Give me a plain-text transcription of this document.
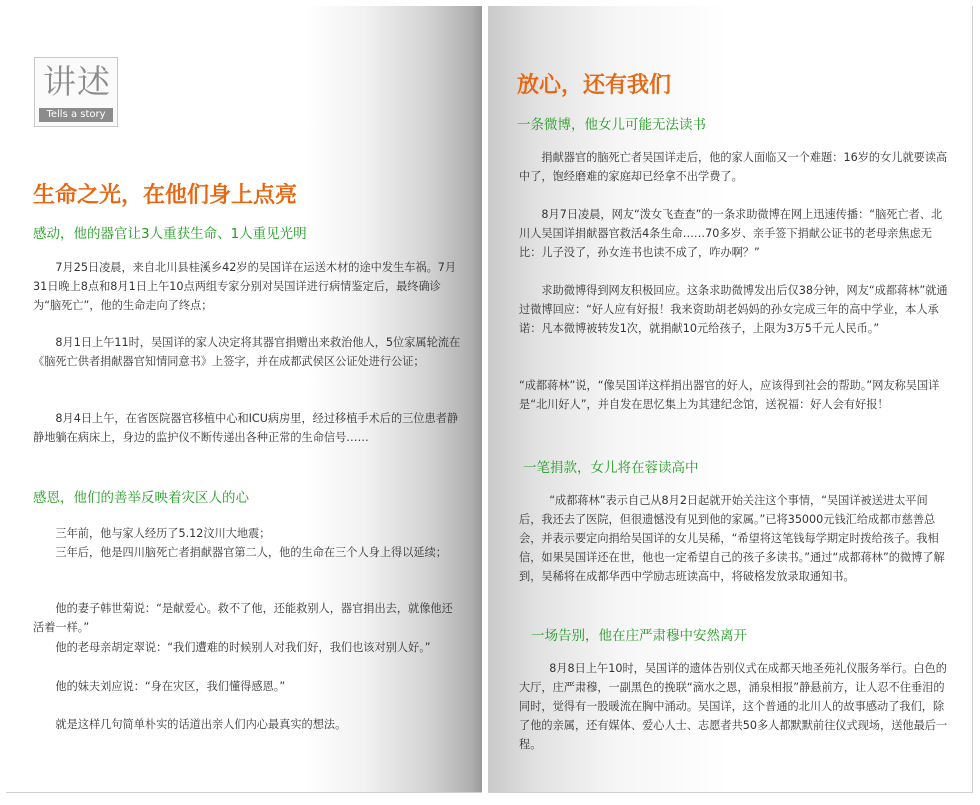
讲述
Tells a story
生命之光，在他们身上点亮
感动，他的器官让3人重获生命、1人重见光明

7月25日凌晨，来自北川县桂溪乡42岁的吴国详在运送木材的途中发生车祸。7月31日晚上8点和8月1日上午10点两组专家分别对吴国详进行病情鉴定后，最终确诊为“脑死亡”，他的生命走向了终点；

8月1日上午11时，吴国详的家人决定将其器官捐赠出来救治他人，5位家属轮流在《脑死亡供者捐献器官知情同意书》上签字，并在成都武侯区公证处进行公证；

8月4日上午，在省医院器官移植中心和ICU病房里，经过移植手术后的三位患者静静地躺在病床上，身边的监护仪不断传递出各种正常的生命信号……

感恩，他们的善举反映着灾区人的心

三年前，他与家人经历了5.12汶川大地震；

三年后，他是四川脑死亡者捐献器官第二人，他的生命在三个人身上得以延续；

他的妻子韩世菊说：“是献爱心。救不了他，还能救别人，器官捐出去，就像他还活着一样。”

他的老母亲胡定翠说：“我们遭难的时候别人对我们好，我们也该对别人好。”

他的妹夫刘应说：“身在灾区，我们懂得感恩。”

就是这样几句简单朴实的话道出亲人们内心最真实的想法。

放心，还有我们
一条微博，他女儿可能无法读书

捐献器官的脑死亡者吴国详走后，他的家人面临又一个难题：16岁的女儿就要读高中了，饱经磨难的家庭却已经拿不出学费了。

8月7日凌晨，网友“泼女飞查查”的一条求助微博在网上迅速传播：“脑死亡者、北川人吴国详捐献器官救活4条生命……70多岁、亲手签下捐献公证书的老母亲焦虑无比：儿子没了，孙女连书也读不成了，咋办啊？”

求助微博得到网友积极回应。这条求助微博发出后仅38分钟，网友“成都蒋林”就通过微博回应：“好人应有好报！我来资助胡老妈妈的孙女完成三年的高中学业，本人承诺：凡本微博被转发1次，就捐献10元给孩子，上限为3万5千元人民币。”

“成都蒋林”说，“像吴国详这样捐出器官的好人，应该得到社会的帮助。”网友称吴国详是“北川好人”，并自发在思忆集上为其建纪念馆，送祝福：好人会有好报！

一笔捐款，女儿将在蓉读高中

“成都蒋林”表示自己从8月2日起就开始关注这个事情，“吴国详被送进太平间后，我还去了医院，但很遗憾没有见到他的家属。”已将35000元钱汇给成都市慈善总会，并表示要定向捐给吴国详的女儿吴稀，“希望将这笔钱每学期定时拨给孩子。我相信，如果吴国详还在世，他也一定希望自己的孩子多读书。”通过“成都蒋林”的微博了解到，吴稀将在成都华西中学励志班读高中，将破格发放录取通知书。

一场告别，他在庄严肃穆中安然离开

8月8日上午10时，吴国详的遗体告别仪式在成都天地圣苑礼仪服务举行。白色的大厅，庄严肃穆，一副黑色的挽联“滴水之恩，涌泉相报”静悬前方，让人忍不住垂泪的同时，觉得有一股暖流在胸中涌动。吴国详，这个普通的北川人的故事感动了我们，除了他的亲属，还有媒体、爱心人士、志愿者共50多人都默默前往仪式现场，送他最后一程。
